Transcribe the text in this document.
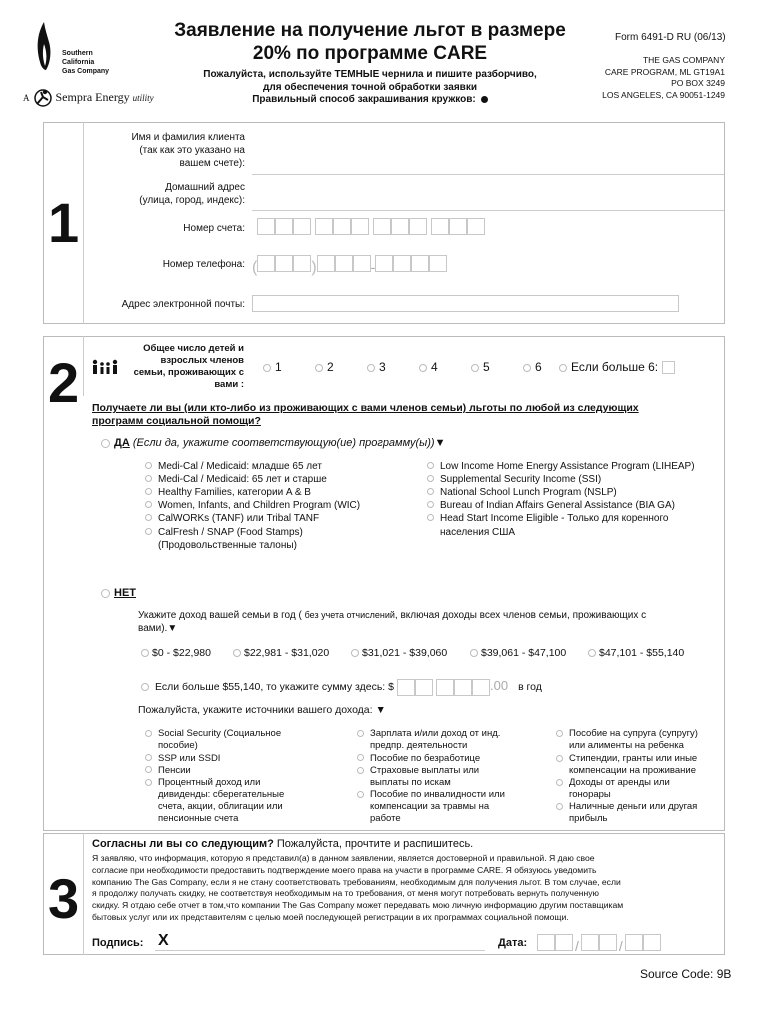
Southern
California
Gas Company
A Sempra Energy utility
Заявление на получение льгот в размере
20% по программе CARE
Пожалуйста, используйте ТЕМНЫЕ чернила и пишите разборчиво,
для обеспечения точной обработки заявки
Правильный способ закрашивания кружков:
Form 6491-D RU (06/13)
THE GAS COMPANY
CARE PROGRAM, ML GT19A1
PO BOX 3249
LOS ANGELES, CA 90051-1249
1
Имя и фамилия клиента
(так как это указано на
вашем счете):
Домашний адрес
(улица, город, индекс):
Номер счета:
Номер телефона: (	)	-
Адрес электронной почты:
2
Общее число детей и
взрослых членов
семьи, проживающих с
вами :
1	2	3	4	5	6 Если больше 6:
Получаете ли вы (или кто-либо из проживающих с вами членов семьи) льготы по любой из следующих
программ социальной помощи?
ДА (Если да, укажите соответствующую(ие) программу(ы))▼
Medi-Cal / Medicaid: младше 65 лет
Medi-Cal / Medicaid: 65 лет и старше
Healthy Families, категории A & B
Women, Infants, and Children Program (WIC)
CalWORKs (TANF) или Tribal TANF
CalFresh / SNAP (Food Stamps)
(Продовольственные талоны)
Low Income Home Energy Assistance Program (LIHEAP)
Supplemental Security Income (SSI)
National School Lunch Program (NSLP)
Bureau of Indian Affairs General Assistance (BIA GA)
Head Start Income Eligible - Только для коренного
населения США
НЕТ
Укажите доход вашей семьи в год ( без учета отчислений, включая доходы всех членов семьи, проживающих с
вами).▼
$0 - $22,980	$22,981 - $31,020	$31,021 - $39,060	$39,061 - $47,100	$47,101 - $55,140
Если больше $55,140, то укажите сумму здесь: $	.00 в год
Пожалуйста, укажите источники вашего дохода: ▼
Social Security (Социальное
пособие)
SSP или SSDI
Пенсии
Процентный доход или
дивиденды: сберегательные
счета, акции, облигации или
пенсионные счета
Зарплата и/или доход от инд.
предпр. деятельности
Пособие по безработице
Страховые выплаты или
выплаты по искам
Пособие по инвалидности или
компенсации за травмы на
работе
Пособие на супруга (супругу)
или алименты на ребенка
Стипендии, гранты или иные
компенсации на проживание
Доходы от аренды или
гонорары
Наличные деньги или другая
прибыль
3
Согласны ли вы со следующим? Пожалуйста, прочтите и распишитесь.
Я заявляю, что информация, которую я представил(а) в данном заявлении, является достоверной и правильной. Я даю свое
согласие при необходимости предоставить подтверждение моего права на участи в программе CARE. Я обязуюсь уведомить
компанию The Gas Company, если я не стану соответствовать требованиям, необходимым для получения льгот. В том случае, если
я продолжу получать скидку, не соответствуя необходимым на то требования, от меня могут потребовать вернуть полученную
скидку. Я отдаю себе отчет в том,что компании The Gas Company может передавать мою личную информацию другим поставщикам
бытовых услуг или их представителям с целью моей последующей регистрации в их программах социальной помощи.
Подпись: X	Дата:	/	/
Source Code: 9B
